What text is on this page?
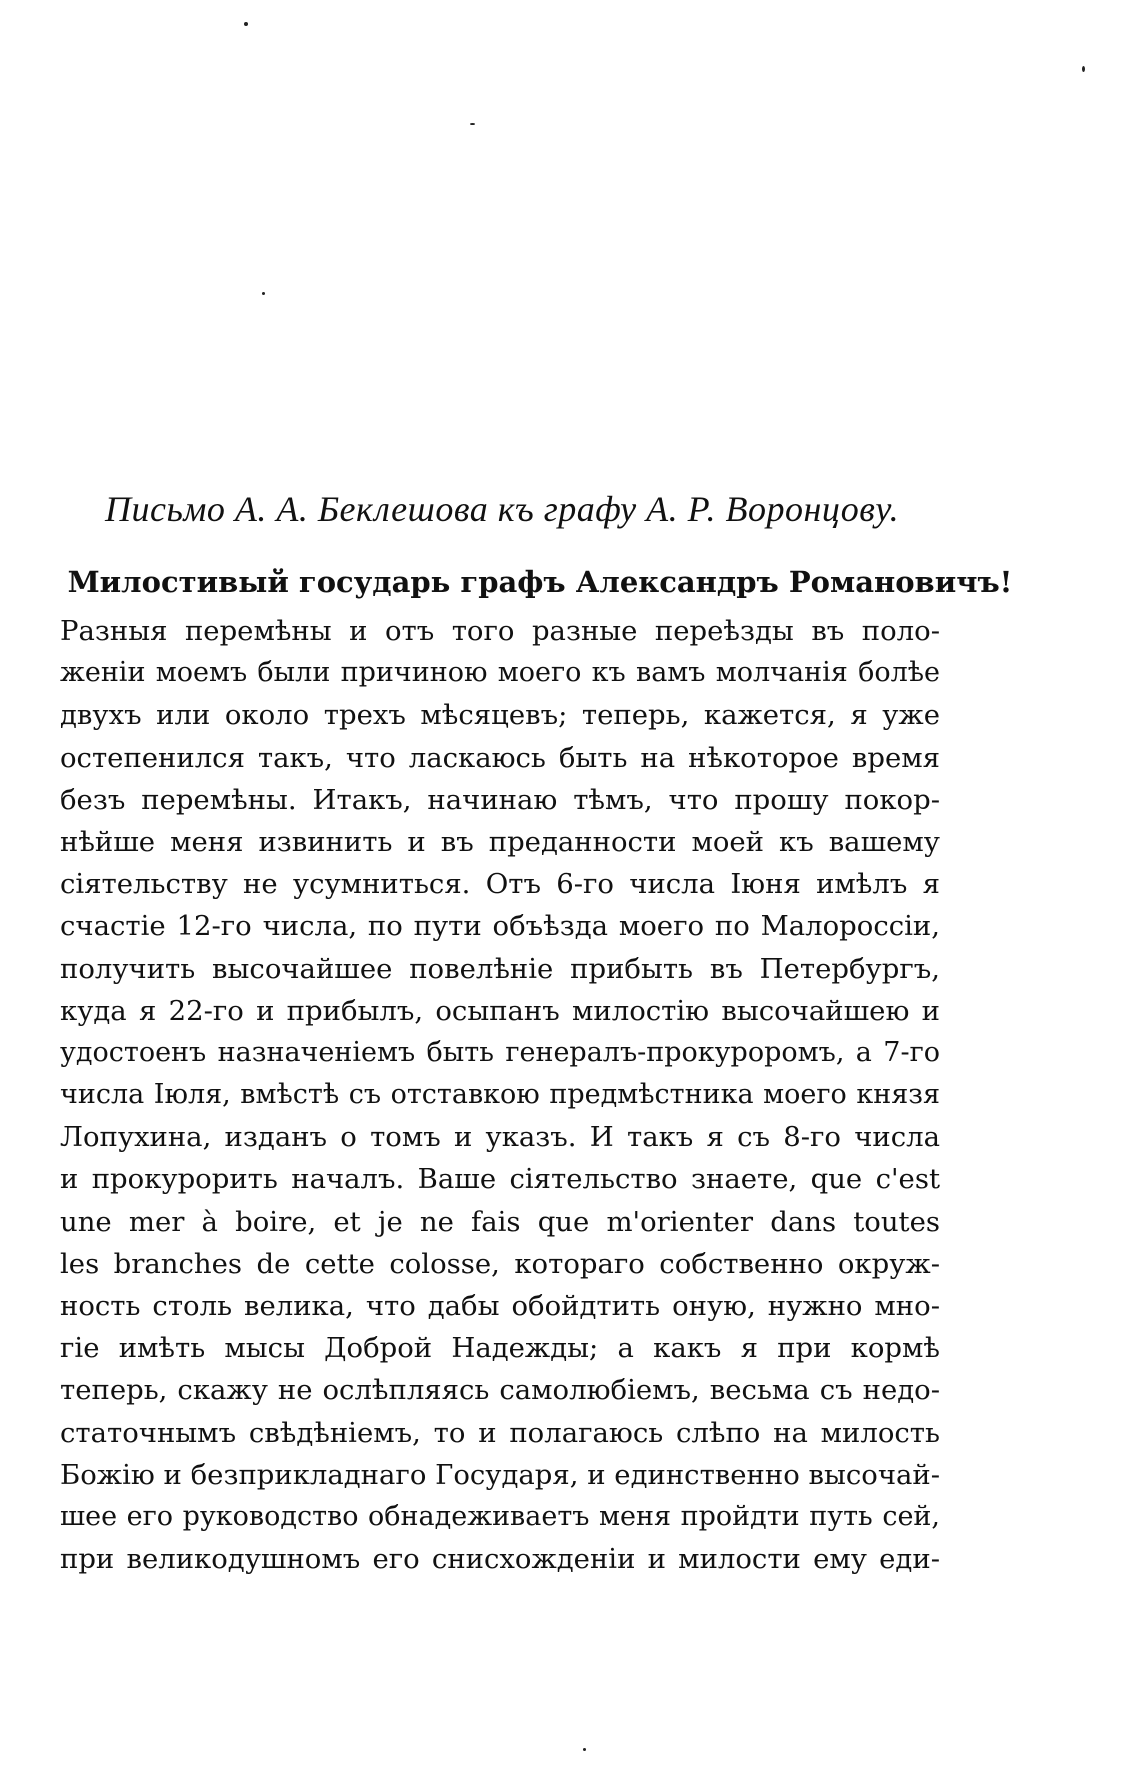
Письмо А. А. Беклешова къ графу А. Р. Воронцову.
Милостивый государь графъ Александръ Романовичъ!
Разныя перемѣны и отъ того разные переѣзды въ поло-
женіи моемъ были причиною моего къ вамъ молчанія болѣе
двухъ или около трехъ мѣсяцевъ; теперь, кажется, я уже
остепенился такъ, что ласкаюсь быть на нѣкоторое время
безъ перемѣны. Итакъ, начинаю тѣмъ, что прошу покор-
нѣйше меня извинить и въ преданности моей къ вашему
сіятельству не усумниться. Отъ 6-го числа Іюня имѣлъ я
счастіе 12-го числа, по пути объѣзда моего по Малороссіи,
получить высочайшее повелѣніе прибыть въ Петербургъ,
куда я 22-го и прибылъ, осыпанъ милостію высочайшею и
удостоенъ назначеніемъ быть генералъ-прокуроромъ, а 7-го
числа Іюля, вмѣстѣ съ отставкою предмѣстника моего князя
Лопухина, изданъ о томъ и указъ. И такъ я съ 8-го числа
и прокурорить началъ. Ваше сіятельство знаете, que c'est
une mer à boire, et je ne fais que m'orienter dans toutes
les branches de cette colosse, котораго собственно окруж-
ность столь велика, что дабы обойдтить оную, нужно мно-
гіе имѣть мысы Доброй Надежды; а какъ я при кормѣ
теперь, скажу не ослѣпляясь самолюбіемъ, весьма съ недо-
статочнымъ свѣдѣніемъ, то и полагаюсь слѣпо на милость
Божію и безприкладнаго Государя, и единственно высочай-
шее его руководство обнадеживаетъ меня пройдти путь сей,
при великодушномъ его снисхожденіи и милости ему еди-
